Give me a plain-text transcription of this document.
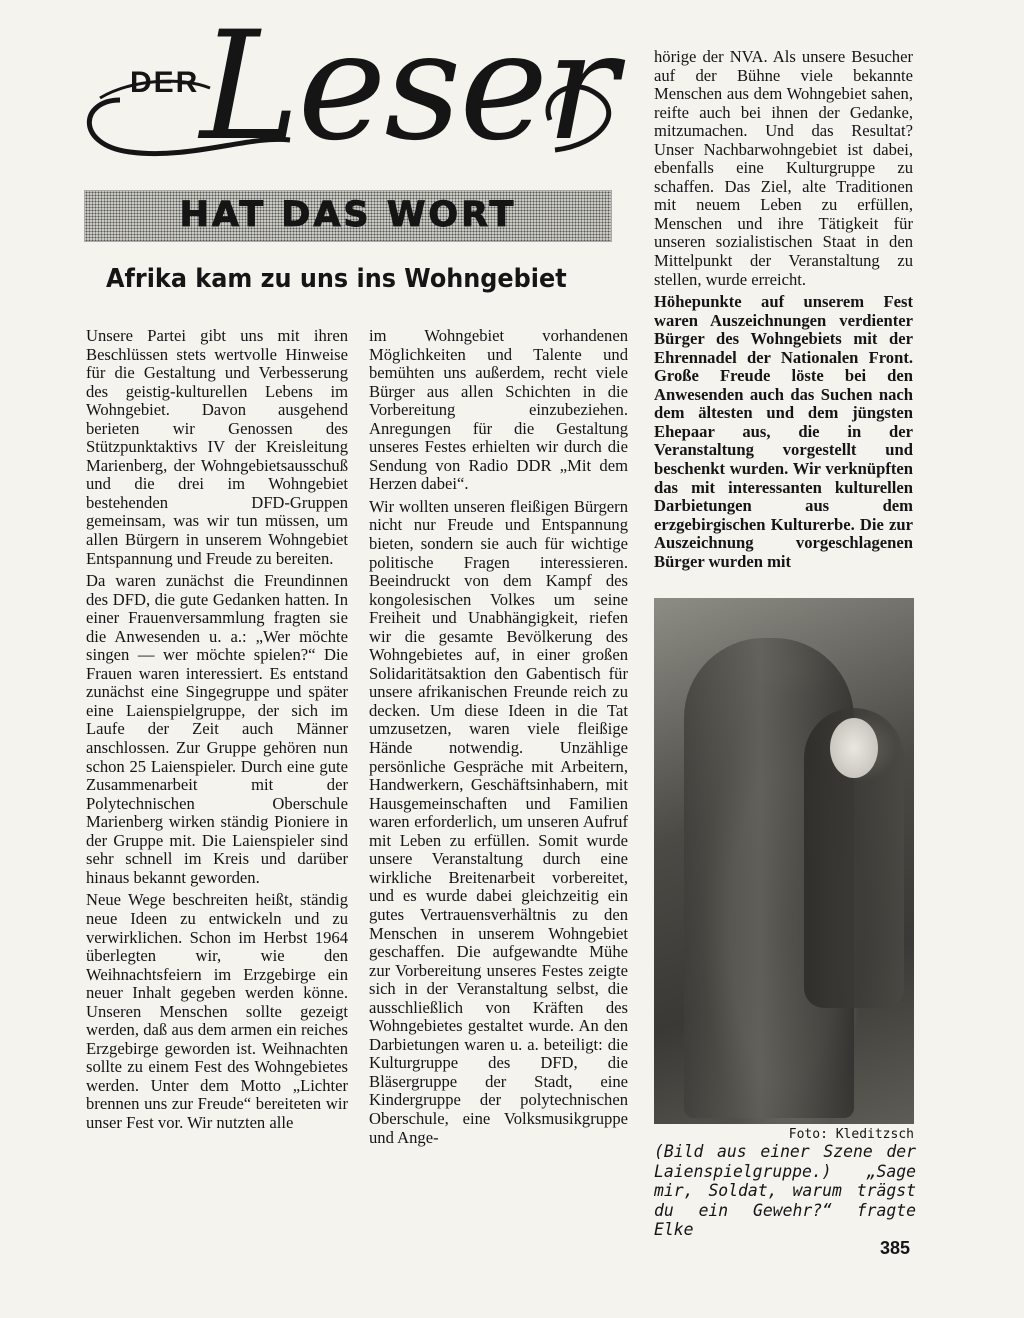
DER Leser
HAT DAS WORT
Afrika kam zu uns ins Wohngebiet

Unsere Partei gibt uns mit ihren Beschlüssen stets wertvolle Hinweise für die Gestaltung und Verbesserung des geistig-kulturellen Lebens im Wohngebiet. Davon ausgehend berieten wir Genossen des Stützpunktaktivs IV der Kreisleitung Marienberg, der Wohngebietsausschuß und die drei im Wohngebiet bestehenden DFD-Gruppen gemeinsam, was wir tun müssen, um allen Bürgern in unserem Wohngebiet Entspannung und Freude zu bereiten.

Da waren zunächst die Freundinnen des DFD, die gute Gedanken hatten. In einer Frauenversammlung fragten sie die Anwesenden u. a.: „Wer möchte singen — wer möchte spielen?“ Die Frauen waren interessiert. Es entstand zunächst eine Singegruppe und später eine Laienspielgruppe, der sich im Laufe der Zeit auch Männer anschlossen. Zur Gruppe gehören nun schon 25 Laienspieler. Durch eine gute Zusammenarbeit mit der Polytechnischen Oberschule Marienberg wirken ständig Pioniere in der Gruppe mit. Die Laienspieler sind sehr schnell im Kreis und darüber hinaus bekannt geworden.

Neue Wege beschreiten heißt, ständig neue Ideen zu entwickeln und zu verwirklichen. Schon im Herbst 1964 überlegten wir, wie den Weihnachtsfeiern im Erzgebirge ein neuer Inhalt gegeben werden könne. Unseren Menschen sollte gezeigt werden, daß aus dem armen ein reiches Erzgebirge geworden ist. Weihnachten sollte zu einem Fest des Wohngebietes werden. Unter dem Motto „Lichter brennen uns zur Freude“ bereiteten wir unser Fest vor. Wir nutzten alle

im Wohngebiet vorhandenen Möglichkeiten und Talente und bemühten uns außerdem, recht viele Bürger aus allen Schichten in die Vorbereitung einzubeziehen. Anregungen für die Gestaltung unseres Festes erhielten wir durch die Sendung von Radio DDR „Mit dem Herzen dabei“.

Wir wollten unseren fleißigen Bürgern nicht nur Freude und Entspannung bieten, sondern sie auch für wichtige politische Fragen interessieren. Beeindruckt von dem Kampf des kongolesischen Volkes um seine Freiheit und Unabhängigkeit, riefen wir die gesamte Bevölkerung des Wohngebietes auf, in einer großen Solidaritätsaktion den Gabentisch für unsere afrikanischen Freunde reich zu decken. Um diese Ideen in die Tat umzusetzen, waren viele fleißige Hände notwendig. Unzählige persönliche Gespräche mit Arbeitern, Handwerkern, Geschäftsinhabern, mit Hausgemeinschaften und Familien waren erforderlich, um unseren Aufruf mit Leben zu erfüllen. Somit wurde unsere Veranstaltung durch eine wirkliche Breitenarbeit vorbereitet, und es wurde dabei gleichzeitig ein gutes Vertrauensverhältnis zu den Menschen in unserem Wohngebiet geschaffen. Die aufgewandte Mühe zur Vorbereitung unseres Festes zeigte sich in der Veranstaltung selbst, die ausschließlich von Kräften des Wohngebietes gestaltet wurde. An den Darbietungen waren u. a. beteiligt: die Kulturgruppe des DFD, die Bläsergruppe der Stadt, eine Kindergruppe der polytechnischen Oberschule, eine Volksmusikgruppe und Ange-

hörige der NVA. Als unsere Besucher auf der Bühne viele bekannte Menschen aus dem Wohngebiet sahen, reifte auch bei ihnen der Gedanke, mitzumachen. Und das Resultat? Unser Nachbarwohngebiet ist dabei, ebenfalls eine Kulturgruppe zu schaffen. Das Ziel, alte Traditionen mit neuem Leben zu erfüllen, Menschen und ihre Tätigkeit für unseren sozialistischen Staat in den Mittelpunkt der Veranstaltung zu stellen, wurde erreicht.

Höhepunkte auf unserem Fest waren Auszeichnungen verdienter Bürger des Wohngebiets mit der Ehrennadel der Nationalen Front. Große Freude löste bei den Anwesenden auch das Suchen nach dem ältesten und dem jüngsten Ehepaar aus, die in der Veranstaltung vorgestellt und beschenkt wurden. Wir verknüpften das mit interessanten kulturellen Darbietungen aus dem erzgebirgischen Kulturerbe. Die zur Auszeichnung vorgeschlagenen Bürger wurden mit

Foto: Kleditzsch
(Bild aus einer Szene der Laienspielgruppe.) „Sage mir, Soldat, warum trägst du ein Gewehr?“ fragte Elke
385
